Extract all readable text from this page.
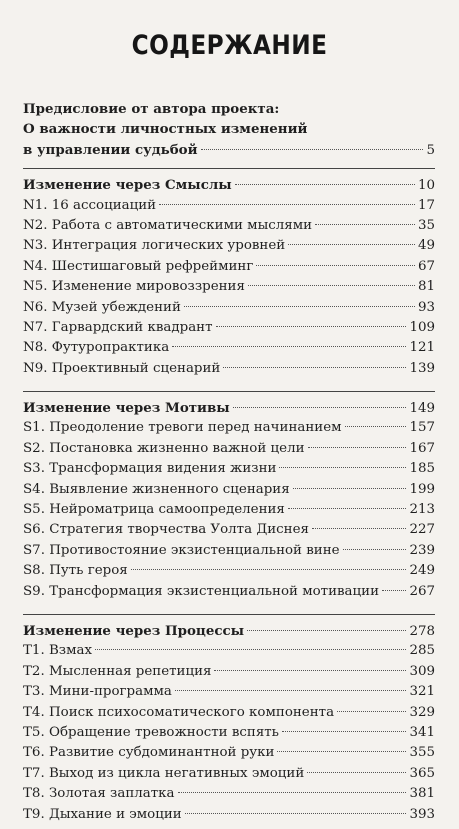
СОДЕРЖАНИЕ
Предисловие от автора проекта:
О важности личностных изменений
в управлении судьбой	5
Изменение через Смыслы	10
N1. 16 ассоциаций	17
N2. Работа с автоматическими мыслями	35
N3. Интеграция логических уровней	49
N4. Шестишаговый рефрейминг	67
N5. Изменение мировоззрения	81
N6. Музей убеждений	93
N7. Гарвардский квадрант	109
N8. Футуропрактика	121
N9. Проективный сценарий	139
Изменение через Мотивы	149
S1. Преодоление тревоги перед начинанием	157
S2. Постановка жизненно важной цели	167
S3. Трансформация видения жизни	185
S4. Выявление жизненного сценария	199
S5. Нейроматрица самоопределения	213
S6. Стратегия творчества Уолта Диснея	227
S7. Противостояние экзистенциальной вине	239
S8. Путь героя	249
S9. Трансформация экзистенциальной мотивации 267
Изменение через Процессы	278
T1. Взмах	285
T2. Мысленная репетиция	309
T3. Мини-программа	321
T4. Поиск психосоматического компонента	329
T5. Обращение тревожности вспять	341
T6. Развитие субдоминантной руки	355
T7. Выход из цикла негативных эмоций	365
T8. Золотая заплатка	381
T9. Дыхание и эмоции	393
